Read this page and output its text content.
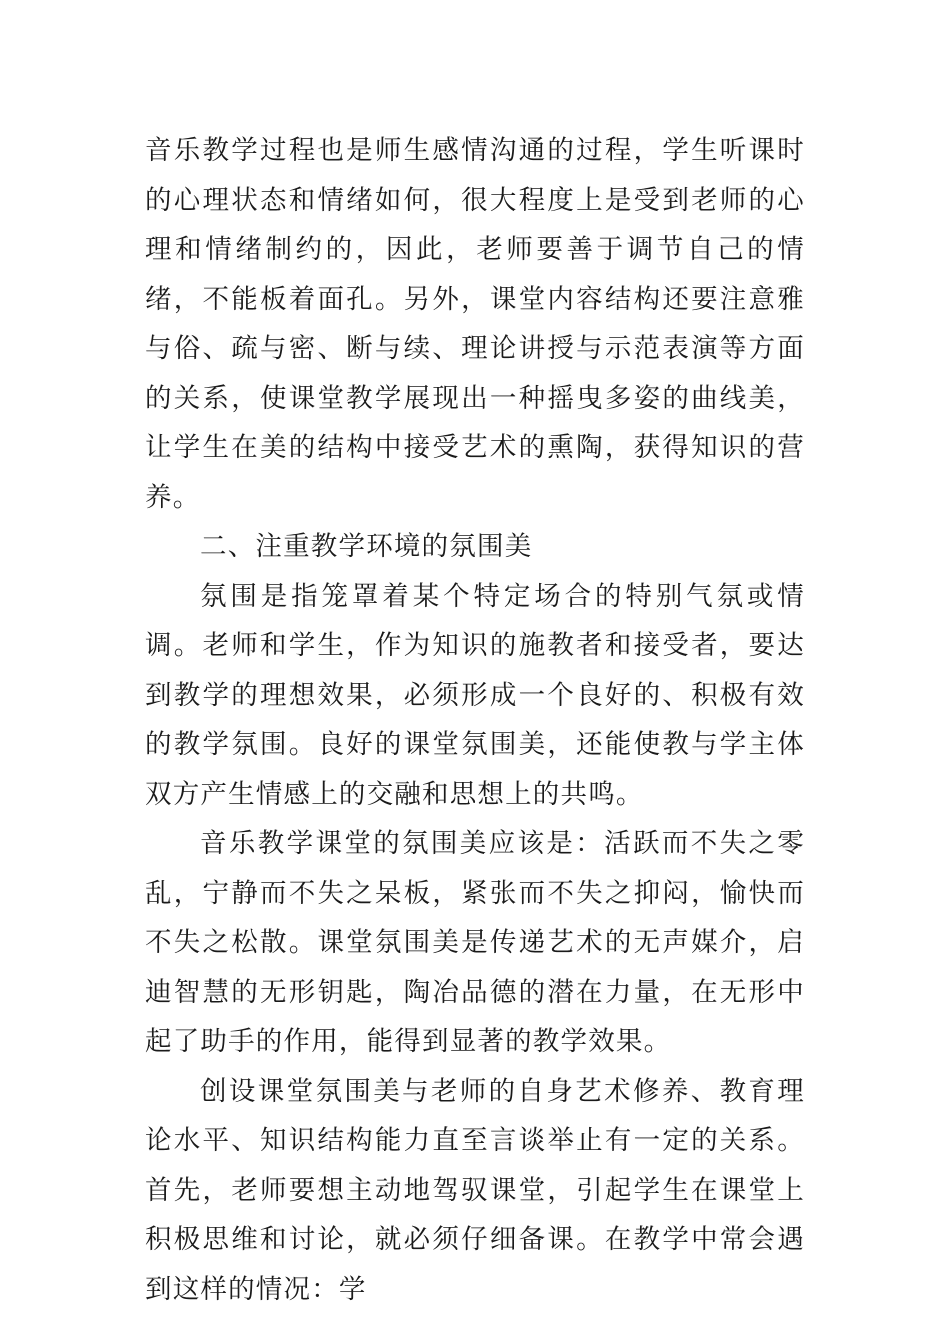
音乐教学过程也是师生感情沟通的过程，学生听课时的心理状态和情绪如何，很大程度上是受到老师的心理和情绪制约的，因此，老师要善于调节自己的情绪，不能板着面孔。另外，课堂内容结构还要注意雅与俗、疏与密、断与续、理论讲授与示范表演等方面的关系，使课堂教学展现出一种摇曳多姿的曲线美，让学生在美的结构中接受艺术的熏陶，获得知识的营养。

二、注重教学环境的氛围美

氛围是指笼罩着某个特定场合的特别气氛或情调。老师和学生，作为知识的施教者和接受者，要达到教学的理想效果，必须形成一个良好的、积极有效的教学氛围。良好的课堂氛围美，还能使教与学主体双方产生情感上的交融和思想上的共鸣。

音乐教学课堂的氛围美应该是：活跃而不失之零乱，宁静而不失之呆板，紧张而不失之抑闷，愉快而不失之松散。课堂氛围美是传递艺术的无声媒介，启迪智慧的无形钥匙，陶冶品德的潜在力量，在无形中起了助手的作用，能得到显著的教学效果。

创设课堂氛围美与老师的自身艺术修养、教育理论水平、知识结构能力直至言谈举止有一定的关系。首先，老师要想主动地驾驭课堂，引起学生在课堂上积极思维和讨论，就必须仔细备课。在教学中常会遇到这样的情况：学
